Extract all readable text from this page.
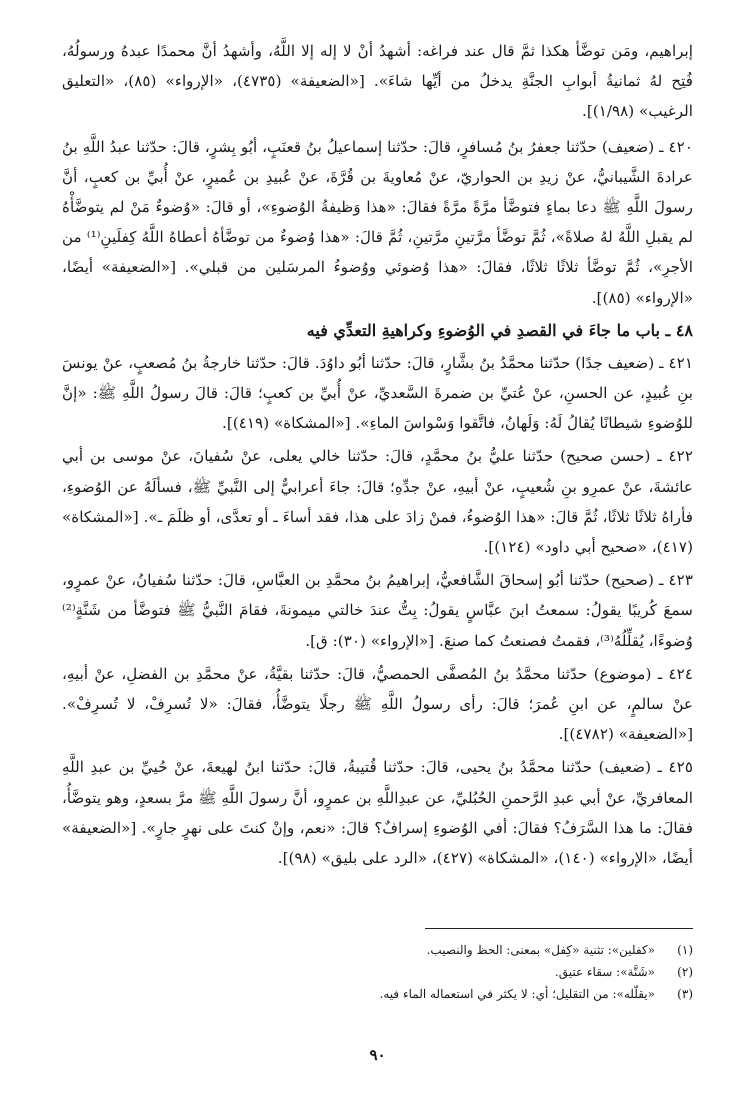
إبراهيم، ومَن توضَّأ هكذا ثمَّ قال عند فراغه: أشهدُ أنْ لا إله إلا اللَّهُ، وأشهدُ أنَّ محمدًا عبدهُ ورسولُهُ، فُتِح لهُ ثمانيةُ أبوابِ الجنَّةِ يدخلُ من أيِّها شاءَ». [«الضعيفة» (٤٧٣٥)، «الإرواء» (٨٥)، «التعليق الرغيب» (١/٩٨)].

٤٢٠ ـ (ضعيف) حدّثنا جعفرُ بنُ مُسافرٍ، قالَ: حدّثنا إسماعيلُ بنُ قعنَبٍ، أبُو بِشرٍ، قالَ: حدّثنا عبدُ اللَّهِ بنُ عرادةَ الشَّيبانيُّ، عنْ زيدِ بن الحواريّ، عنْ مُعاويةَ بن قُرَّةَ، عنْ عُبيدِ بن عُميرٍ، عنْ أُبيِّ بن كعبٍ، أنَّ رسولَ اللَّهِ ﷺ دعا بماءٍ فتوضَّأ مرَّةً مرَّةً فقالَ: «هذا وَظيفةُ الوُضوءِ»، أو قالَ: «وُضوءٌ مَنْ لم يتوضَّأْهُ لم يقبلِ اللَّهُ لهُ صلاةً»، ثُمَّ توضَّأ مرَّتينِ مرَّتينِ، ثُمَّ قالَ: «هذا وُضوءٌ من توضَّأهُ أعطاهُ اللَّهُ كِفلَينِ⁽¹⁾ من الأجرِ»، ثُمَّ توضَّأ ثلاثًا ثلاثًا، فقالَ: «هذا وُضوئي ووُضوءُ المرسَلين من قبلي». [«الضعيفة» أيضًا، «الإرواء» (٨٥)].

٤٨ ـ باب ما جاءَ في القصدِ في الوُضوءِ وكراهيةِ التعدِّي فيه

٤٢١ ـ (ضعيف جدًا) حدّثنا محمَّدُ بنُ بشَّارٍ، قالَ: حدّثنا أبُو داوُدَ. قالَ: حدّثنا خارجةُ بنُ مُصعبٍ، عنْ يونسَ بنِ عُبيدٍ، عن الحسنِ، عنْ عُتيِّ بن ضمرةَ السَّعديِّ، عنْ أُبيِّ بن كعبٍ؛ قالَ: قالَ رسولُ اللَّهِ ﷺ: «إنَّ للوُضوءِ شيطانًا يُقالُ لَهُ: وَلَهانُ، فاتَّقوا وَسْواسَ الماءِ». [«المشكاة» (٤١٩)].

٤٢٢ ـ (حسن صحيح) حدّثنا عليُّ بنُ محمَّدٍ، قالَ: حدّثنا خالي يعلى، عنْ سُفيانَ، عنْ موسى بن أبي عائشةَ، عنْ عمرِو بنِ شُعيبٍ، عنْ أبيهِ، عنْ جدِّهِ؛ قالَ: جاءَ أعرابيٌّ إلى النَّبيِّ ﷺ، فسألَهُ عن الوُضوءِ، فأراهُ ثلاثًا ثلاثًا، ثُمَّ قالَ: «هذا الوُضوءُ، فمنْ زادَ على هذا، فقد أساءَ ـ أو تعدَّى، أو ظلَمَ ـ». [«المشكاة» (٤١٧)، «صحيح أبي داود» (١٢٤)].

٤٢٣ ـ (صحيح) حدّثنا أبُو إسحاقَ الشَّافعيُّ، إبراهيمُ بنُ محمَّدِ بن العبَّاسِ، قالَ: حدّثنا سُفيانُ، عنْ عمرٍو، سمعَ كُريبًا يقولُ: سمعتُ ابنَ عبَّاسٍ يقولُ: بِتُّ عندَ خالتي ميمونةَ، فقامَ النَّبيُّ ﷺ فتوضَّأ من شَنَّةٍ⁽²⁾ وُضوءًا، يُقلِّلُهُ⁽³⁾، فقمتُ فصنعتُ كما صنعَ. [«الإرواء» (٣٠): ق].

٤٢٤ ـ (موضوع) حدّثنا محمَّدُ بنُ المُصفَّى الحمصيُّ، قالَ: حدّثنا بقيَّةُ، عنْ محمَّدِ بن الفضلِ، عنْ أبيهِ، عنْ سالمٍ، عن ابنِ عُمرَ؛ قالَ: رأى رسولُ اللَّهِ ﷺ رجلًا يتوضَّأُ، فقالَ: «لا تُسرِفْ، لا تُسرِفْ». [«الضعيفة» (٤٧٨٢)].

٤٢٥ ـ (ضعيف) حدّثنا محمَّدُ بنُ يحيى، قالَ: حدّثنا قُتيبةُ، قالَ: حدّثنا ابنُ لهيعةَ، عنْ حُييِّ بن عبدِ اللَّهِ المعافريِّ، عنْ أبي عبدِ الرَّحمنِ الحُبُليِّ، عن عبدِاللَّهِ بن عمرٍو، أنَّ رسولَ اللَّهِ ﷺ مرَّ بسعدٍ، وهو يتوضَّأُ، فقالَ: ما هذا السَّرَفُ؟ فقالَ: أفي الوُضوءِ إسرافٌ؟ قالَ: «نعم، وإنْ كنتَ على نهرٍ جارٍ». [«الضعيفة» أيضًا، «الإرواء» (١٤٠)، «المشكاة» (٤٢٧)، «الرد على بليق» (٩٨)].

(١)
«كفلين»: تثنية «كِفل» بمعنى: الحظ والنصيب.
(٢)
«شَنَّة»: سقاء عتيق.
(٣)
«يقلّله»: من التقليل؛ أي: لا يكثر في استعماله الماء فيه.
٩٠
